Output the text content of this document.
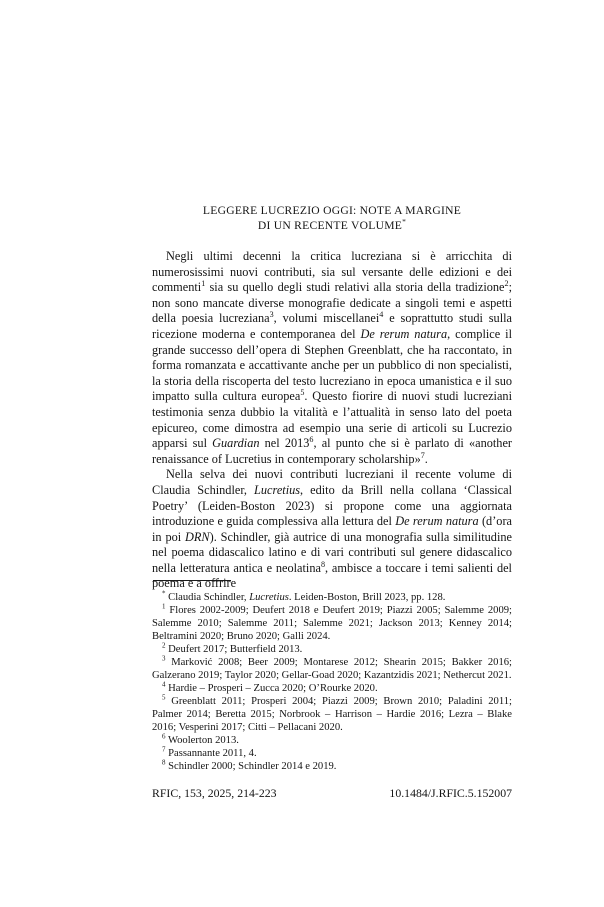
LEGGERE LUCREZIO OGGI: NOTE A MARGINE
DI UN RECENTE VOLUME*

Negli ultimi decenni la critica lucreziana si è arricchita di numerosissimi nuovi contributi, sia sul versante delle edizioni e dei commenti$^1$ sia su quello degli studi relativi alla storia della tradizione$^2$; non sono mancate diverse monografie dedicate a singoli temi e aspetti della poesia lucreziana$^3$, volumi miscellanei$^4$ e soprattutto studi sulla ricezione moderna e contemporanea del De rerum natura, complice il grande successo dell’opera di Stephen Greenblatt, che ha raccontato, in forma romanzata e accattivante anche per un pubblico di non specialisti, la storia della riscoperta del testo lucreziano in epoca umanistica e il suo impatto sulla cultura europea$^5$. Questo fiorire di nuovi studi lucreziani testimonia senza dubbio la vitalità e l’attualità in senso lato del poeta epicureo, come dimostra ad esempio una serie di articoli su Lucrezio apparsi sul Guardian nel 2013$^6$, al punto che si è parlato di «another renaissance of Lucretius in contemporary scholarship»$^7$.

Nella selva dei nuovi contributi lucreziani il recente volume di Claudia Schindler, Lucretius, edito da Brill nella collana ‘Classical Poetry’ (Leiden-Boston 2023) si propone come una aggiornata introduzione e guida complessiva alla lettura del De rerum natura (d’ora in poi DRN). Schindler, già autrice di una monografia sulla similitudine nel poema didascalico latino e di vari contributi sul genere didascalico nella letteratura antica e neolatina$^8$, ambisce a toccare i temi salienti del poema e a offrire

* Claudia Schindler, Lucretius. Leiden-Boston, Brill 2023, pp. 128.

$^1$ Flores 2002-2009; Deufert 2018 e Deufert 2019; Piazzi 2005; Salemme 2009; Salemme 2010; Salemme 2011; Salemme 2021; Jackson 2013; Kenney 2014; Beltramini 2020; Bruno 2020; Galli 2024.

$^2$ Deufert 2017; Butterfield 2013.

$^3$ Marković 2008; Beer 2009; Montarese 2012; Shearin 2015; Bakker 2016; Galzerano 2019; Taylor 2020; Gellar-Goad 2020; Kazantzidis 2021; Nethercut 2021.

$^4$ Hardie – Prosperi – Zucca 2020; O’Rourke 2020.

$^5$ Greenblatt 2011; Prosperi 2004; Piazzi 2009; Brown 2010; Paladini 2011; Palmer 2014; Beretta 2015; Norbrook – Harrison – Hardie 2016; Lezra – Blake 2016; Vesperini 2017; Citti – Pellacani 2020.

$^6$ Woolerton 2013.

$^7$ Passannante 2011, 4.

$^8$ Schindler 2000; Schindler 2014 e 2019.

RFIC, 153, 2025, 214-223	10.1484/J.RFIC.5.152007
